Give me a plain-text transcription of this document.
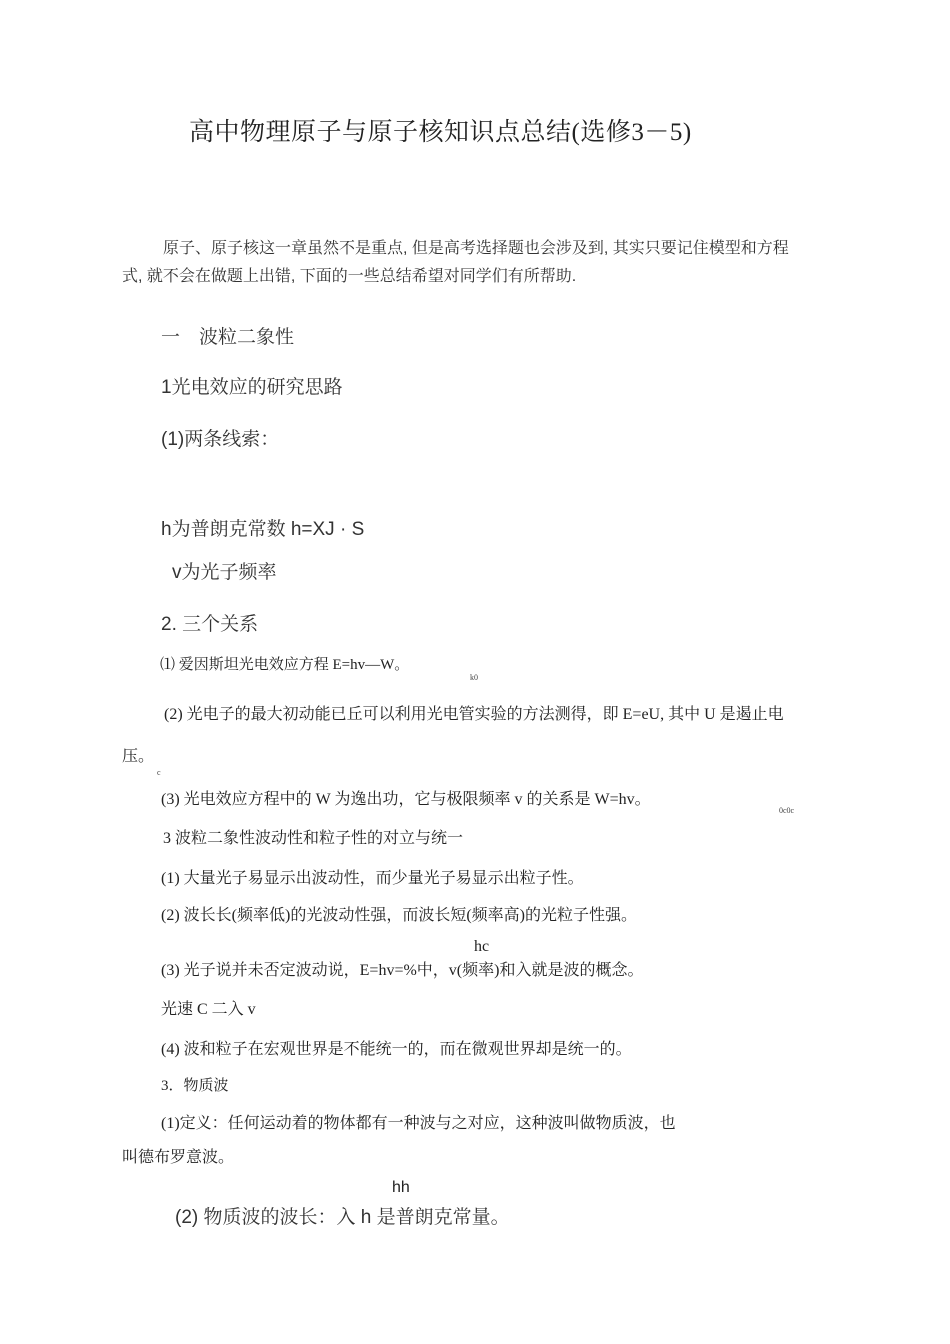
高中物理原子与原子核知识点总结(选修3－5)
原子、原子核这一章虽然不是重点, 但是高考选择题也会涉及到, 其实只要记住模型和方程
式, 就不会在做题上出错, 下面的一些总结希望对同学们有所帮助.
一　波粒二象性
1光电效应的研究思路
(1)两条线索：
h为普朗克常数 h=XJ · S
v为光子频率
2. 三个关系
⑴ 爱因斯坦光电效应方程 E=hv—W。
k0
(2) 光电子的最大初动能已丘可以利用光电管实验的方法测得，即 E=eU, 其中 U 是遏止电
压。
c
(3) 光电效应方程中的 W 为逸出功，它与极限频率 v 的关系是 W=hv。
0c0c
3 波粒二象性波动性和粒子性的对立与统一
(1) 大量光子易显示出波动性，而少量光子易显示出粒子性。
(2) 波长长(频率低)的光波动性强，而波长短(频率高)的光粒子性强。
hc
(3) 光子说并未否定波动说，E=hv=%中，v(频率)和入就是波的概念。
光速 C 二入 v
(4) 波和粒子在宏观世界是不能统一的，而在微观世界却是统一的。
3．物质波
(1)定义：任何运动着的物体都有一种波与之对应，这种波叫做物质波，也
叫德布罗意波。
hh
(2) 物质波的波长：入 h 是普朗克常量。
